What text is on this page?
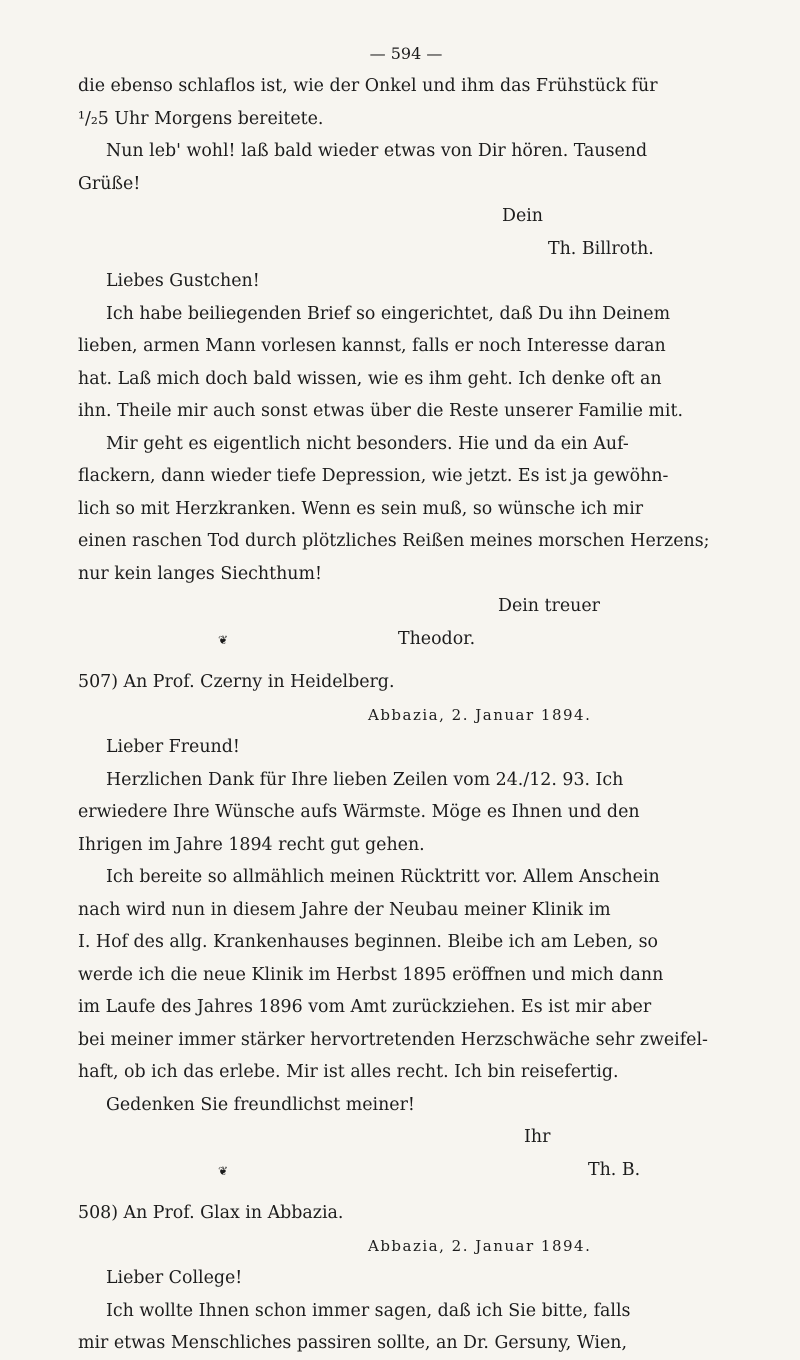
— 594 —

die ebenso schlaflos ist, wie der Onkel und ihm das Frühstück für

¹/₂5 Uhr Morgens bereitete.

Nun leb' wohl! laß bald wieder etwas von Dir hören. Tausend

Grüße!

Dein

Th. Billroth.

Liebes Gustchen!

Ich habe beiliegenden Brief so eingerichtet, daß Du ihn Deinem

lieben, armen Mann vorlesen kannst, falls er noch Interesse daran

hat. Laß mich doch bald wissen, wie es ihm geht. Ich denke oft an

ihn. Theile mir auch sonst etwas über die Reste unserer Familie mit.

Mir geht es eigentlich nicht besonders. Hie und da ein Auf-

flackern, dann wieder tiefe Depression, wie jetzt. Es ist ja gewöhn-

lich so mit Herzkranken. Wenn es sein muß, so wünsche ich mir

einen raschen Tod durch plötzliches Reißen meines morschen Herzens;

nur kein langes Siechthum!

Dein treuer

❦	Theodor.

507) An Prof. Czerny in Heidelberg.

Abbazia, 2. Januar 1894.

Lieber Freund!

Herzlichen Dank für Ihre lieben Zeilen vom 24./12. 93. Ich

erwiedere Ihre Wünsche aufs Wärmste. Möge es Ihnen und den

Ihrigen im Jahre 1894 recht gut gehen.

Ich bereite so allmählich meinen Rücktritt vor. Allem Anschein

nach wird nun in diesem Jahre der Neubau meiner Klinik im

I. Hof des allg. Krankenhauses beginnen. Bleibe ich am Leben, so

werde ich die neue Klinik im Herbst 1895 eröffnen und mich dann

im Laufe des Jahres 1896 vom Amt zurückziehen. Es ist mir aber

bei meiner immer stärker hervortretenden Herzschwäche sehr zweifel-

haft, ob ich das erlebe. Mir ist alles recht. Ich bin reisefertig.

Gedenken Sie freundlichst meiner!

Ihr

❦	Th. B.

508) An Prof. Glax in Abbazia.

Abbazia, 2. Januar 1894.

Lieber College!

Ich wollte Ihnen schon immer sagen, daß ich Sie bitte, falls

mir etwas Menschliches passiren sollte, an Dr. Gersuny, Wien,
